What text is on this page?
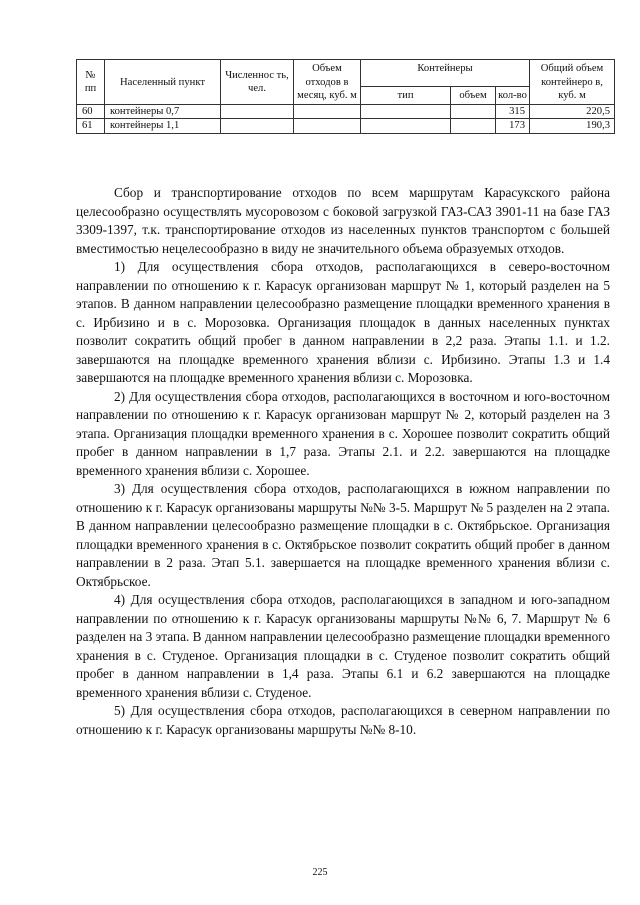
№ пп	Населенный пункт	Численнос ть, чел.	Объем отходов в месяц, куб. м	Контейнеры			Общий объем контейнеро в, куб. м
				тип	объем	кол-во	
60	контейнеры 0,7					315	220,5
61	контейнеры 1,1					173	190,3

Сбор и транспортирование отходов по всем маршрутам Карасукского района целесообразно осуществлять мусоровозом с боковой загрузкой ГАЗ-САЗ 3901-11 на базе ГАЗ 3309-1397, т.к. транспортирование отходов из населенных пунктов транспортом с большей вместимостью нецелесообразно в виду не значительного объема образуемых отходов.

1) Для осуществления сбора отходов, располагающихся в северо-восточном направлении по отношению к г. Карасук организован маршрут № 1, который разделен на 5 этапов. В данном направлении целесообразно размещение площадки временного хранения в с. Ирбизино и в с. Морозовка. Организация площадок в данных населенных пунктах позволит сократить общий пробег в данном направлении в 2,2 раза. Этапы 1.1. и 1.2. завершаются на площадке временного хранения вблизи с. Ирбизино. Этапы 1.3 и 1.4 завершаются на площадке временного хранения вблизи с. Морозовка.

2) Для осуществления сбора отходов, располагающихся в восточном и юго-восточном направлении по отношению к г. Карасук организован маршрут № 2, который разделен на 3 этапа. Организация площадки временного хранения в с. Хорошее позволит сократить общий пробег в данном направлении в 1,7 раза. Этапы 2.1. и 2.2. завершаются на площадке временного хранения вблизи с. Хорошее.

3) Для осуществления сбора отходов, располагающихся в южном направлении по отношению к г. Карасук организованы маршруты №№ 3-5. Маршрут № 5 разделен на 2 этапа. В данном направлении целесообразно размещение площадки в с. Октябрьское. Организация площадки временного хранения в с. Октябрьское позволит сократить общий пробег в данном направлении в 2 раза. Этап 5.1. завершается на площадке временного хранения вблизи с. Октябрьское.

4) Для осуществления сбора отходов, располагающихся в западном и юго-западном направлении по отношению к г. Карасук организованы маршруты №№ 6, 7. Маршрут № 6 разделен на 3 этапа. В данном направлении целесообразно размещение площадки временного хранения в с. Студеное. Организация площадки в с. Студеное позволит сократить общий пробег в данном направлении в 1,4 раза. Этапы 6.1 и 6.2 завершаются на площадке временного хранения вблизи с. Студеное.

5) Для осуществления сбора отходов, располагающихся в северном направлении по отношению к г. Карасук организованы маршруты №№ 8-10.

225
